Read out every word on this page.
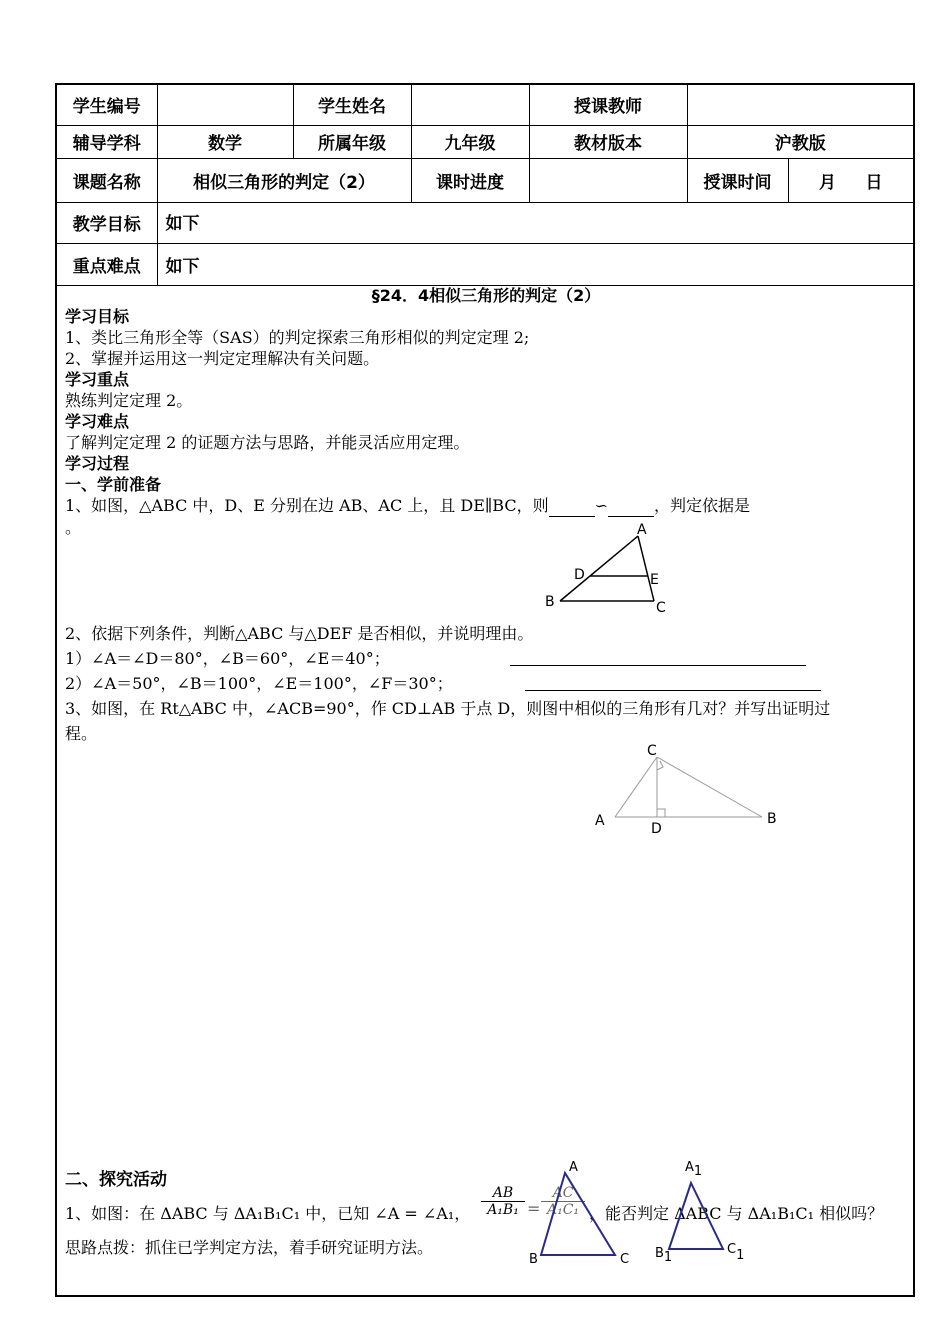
学生编号		学生姓名		授课教师		
辅导学科	数学	所属年级	九年级	教材版本	沪教版	
课题名称	相似三角形的判定（2）		课时进度		授课时间	月 日
教学目标	如下					
重点难点	如下					
§24．4相似三角形的判定（2）
学习目标
1、类比三角形全等（SAS）的判定探索三角形相似的判定定理 2;
2、掌握并运用这一判定定理解决有关问题。
学习重点
熟练判定定理 2。
学习难点
了解判定定理 2 的证题方法与思路，并能灵活应用定理。
学习过程
一、学前准备
1、如图，△ABC 中，D、E 分别在边 AB、AC 上，且 DE∥BC，则	∽	，判定依据是
。	A
B	C
D	E
2、依据下列条件，判断△ABC 与△DEF 是否相似，并说明理由。
1）∠A＝∠D＝80°，∠B＝60°，∠E＝40°；
2）∠A＝50°，∠B＝100°，∠E＝100°，∠F＝30°；
3、如图，在 Rt△ABC 中，∠ACB=90°，作 CD⊥AB 于点 D，则图中相似的三角形有几对？并写出证明过
程。
C
A	B
D
二、探究活动
1、如图：在 ΔABC 与 ΔA₁B₁C₁ 中，已知 ∠A = ∠A₁，
AB
A₁B₁ =
AC
A₁C₁ ，能否判定 ΔABC 与 ΔA₁B₁C₁ 相似吗？
思路点拨：抓住已学判定方法，着手研究证明方法。
A
B	C
A1
B1
C1
